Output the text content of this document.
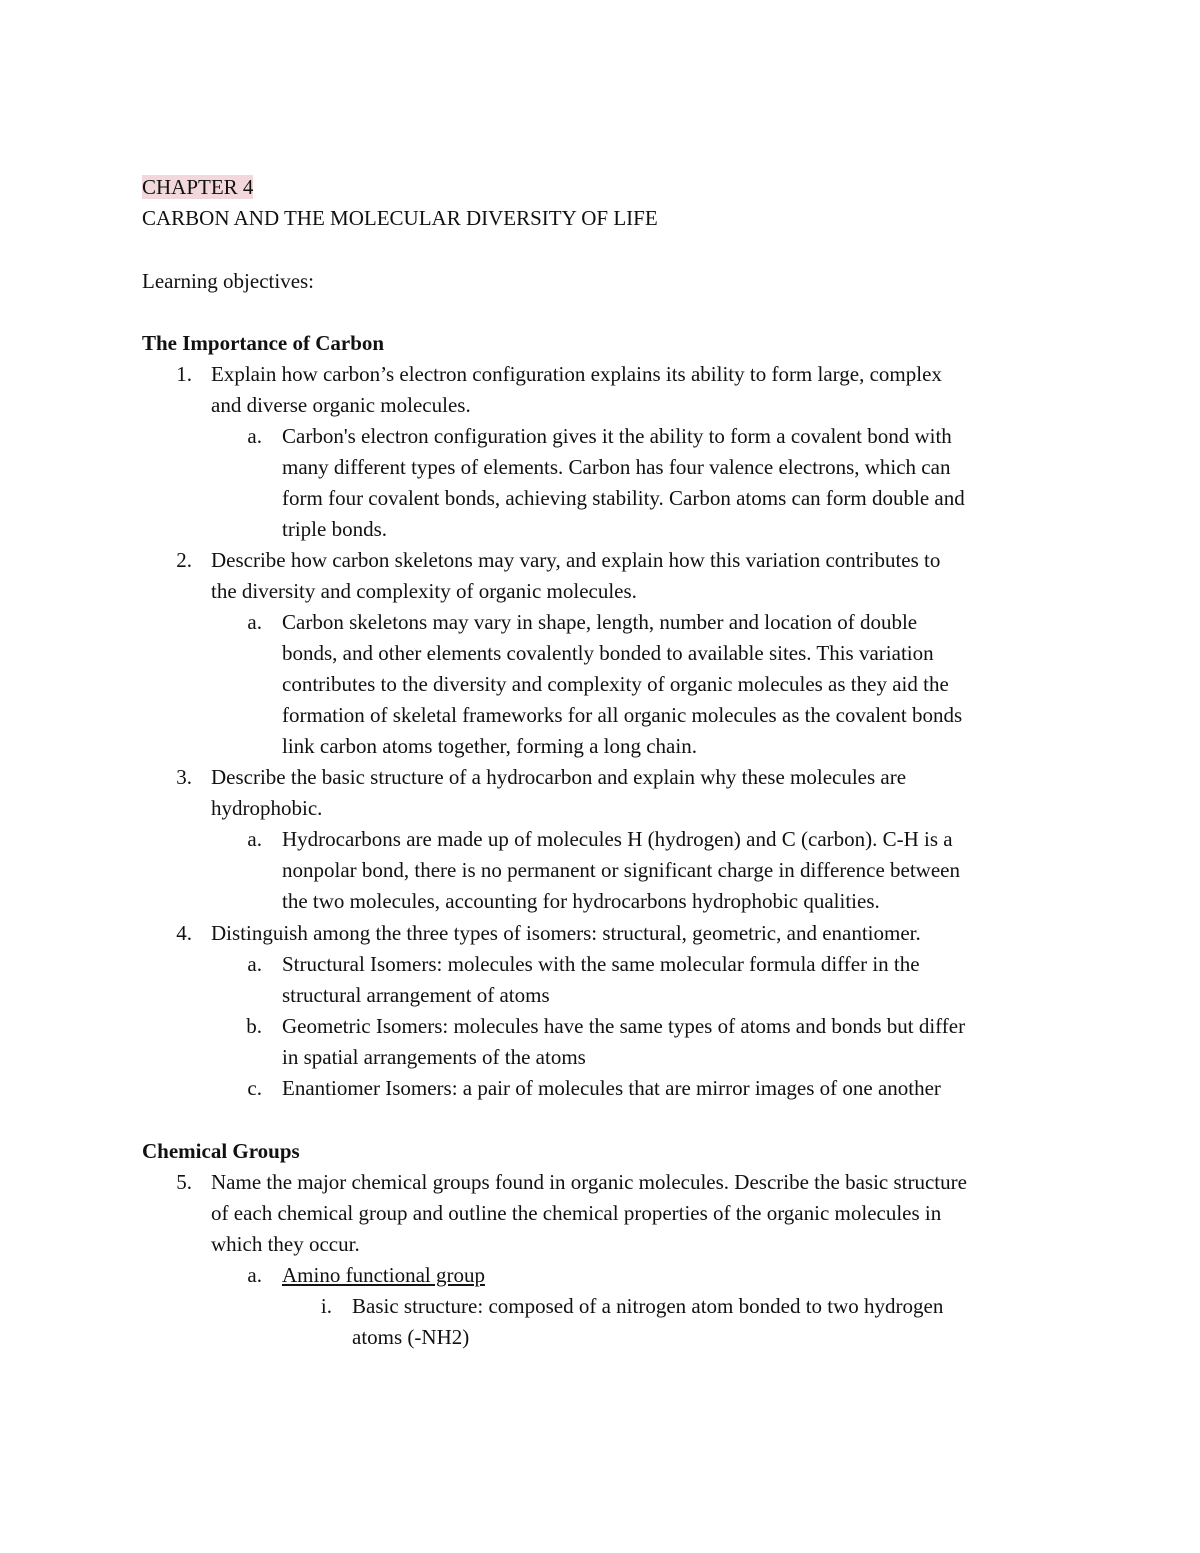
CHAPTER 4
CARBON AND THE MOLECULAR DIVERSITY OF LIFE
Learning objectives:
The Importance of Carbon
1. Explain how carbon’s electron configuration explains its ability to form large, complex
and diverse organic molecules.
a. Carbon's electron configuration gives it the ability to form a covalent bond with
many different types of elements. Carbon has four valence electrons, which can
form four covalent bonds, achieving stability. Carbon atoms can form double and
triple bonds.
2. Describe how carbon skeletons may vary, and explain how this variation contributes to
the diversity and complexity of organic molecules.
a. Carbon skeletons may vary in shape, length, number and location of double
bonds, and other elements covalently bonded to available sites. This variation
contributes to the diversity and complexity of organic molecules as they aid the
formation of skeletal frameworks for all organic molecules as the covalent bonds
link carbon atoms together, forming a long chain.
3. Describe the basic structure of a hydrocarbon and explain why these molecules are
hydrophobic.
a. Hydrocarbons are made up of molecules H (hydrogen) and C (carbon). C-H is a
nonpolar bond, there is no permanent or significant charge in difference between
the two molecules, accounting for hydrocarbons hydrophobic qualities.
4. Distinguish among the three types of isomers: structural, geometric, and enantiomer.
a. Structural Isomers: molecules with the same molecular formula differ in the
structural arrangement of atoms
b. Geometric Isomers: molecules have the same types of atoms and bonds but differ
in spatial arrangements of the atoms
c. Enantiomer Isomers: a pair of molecules that are mirror images of one another
Chemical Groups
5. Name the major chemical groups found in organic molecules. Describe the basic structure
of each chemical group and outline the chemical properties of the organic molecules in
which they occur.
a. Amino functional group
i. Basic structure: composed of a nitrogen atom bonded to two hydrogen
atoms (-NH2)
